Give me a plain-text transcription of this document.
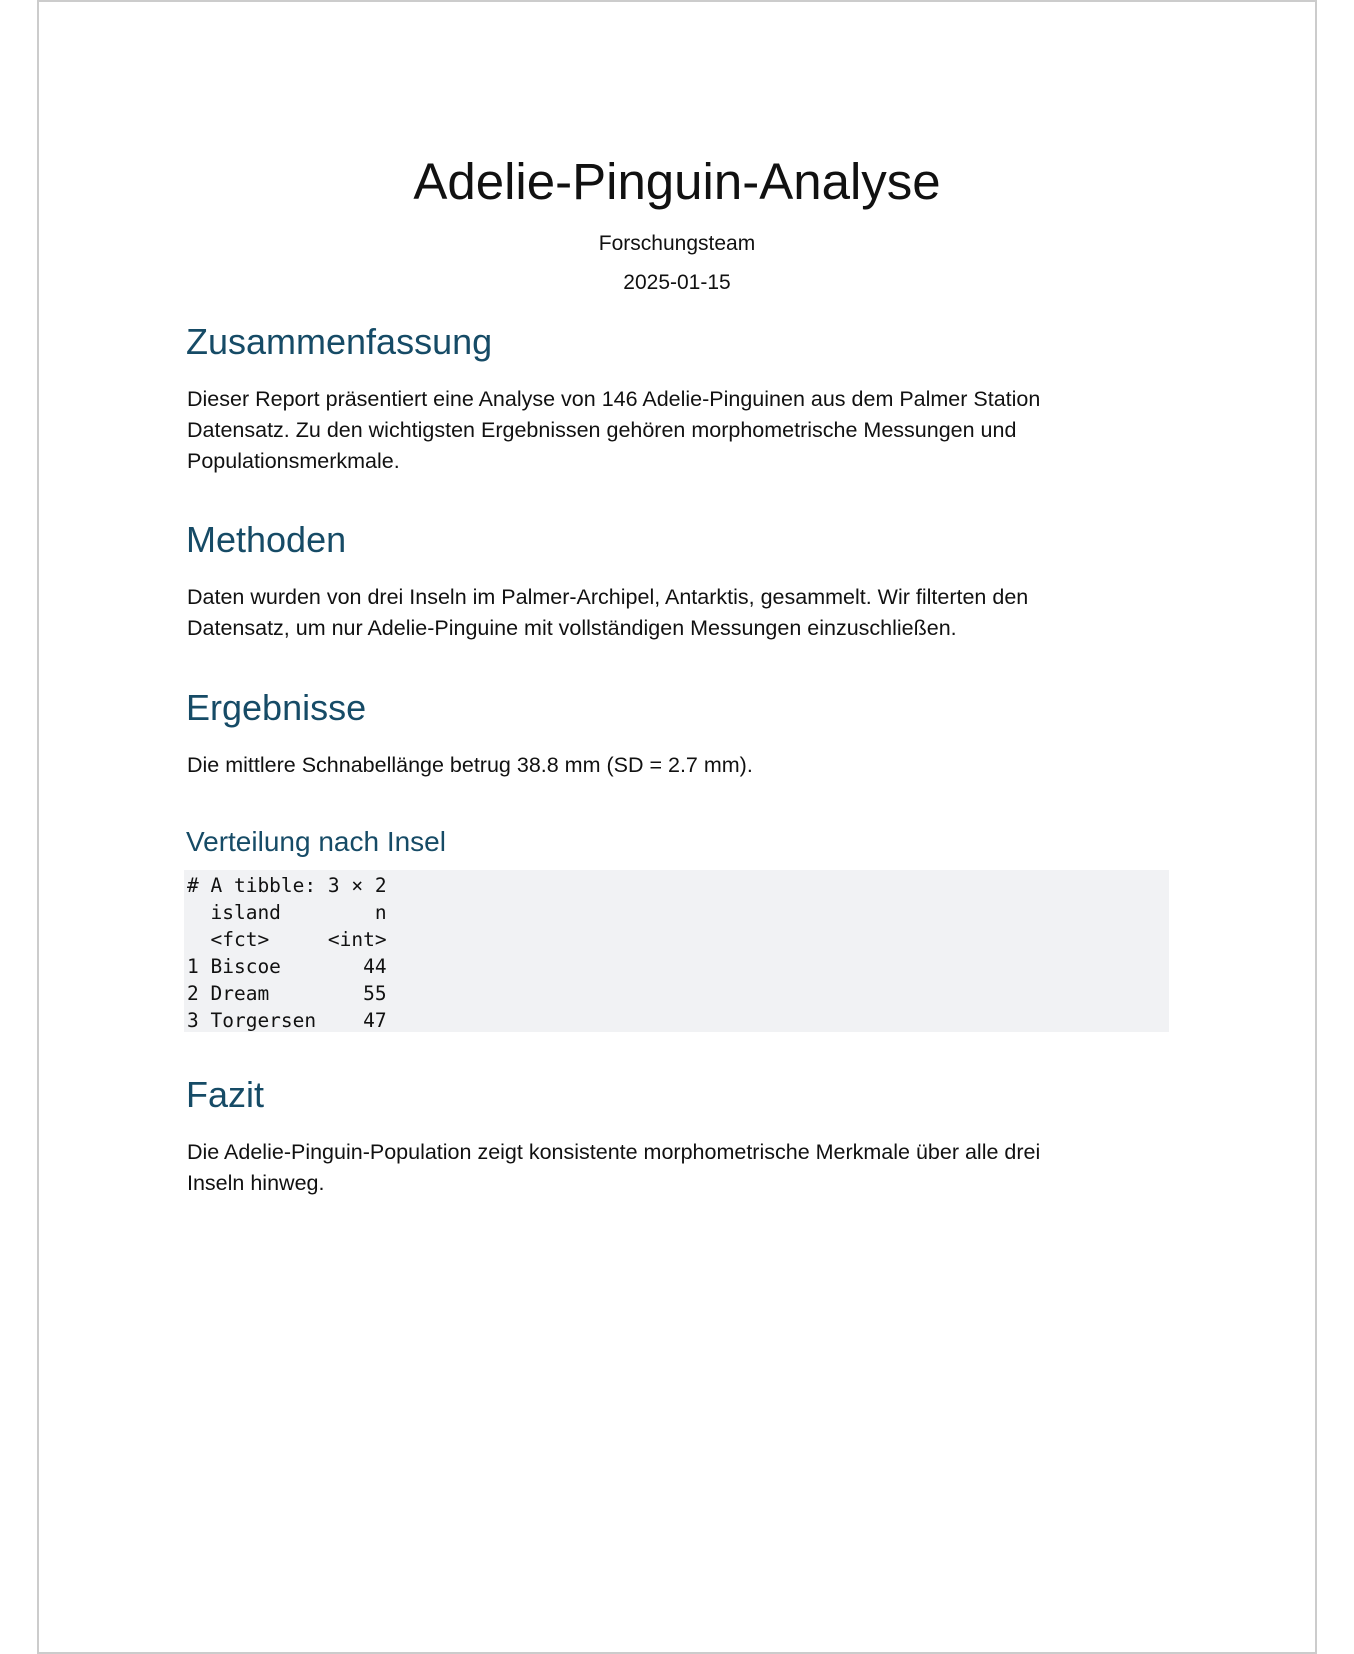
Adelie-Pinguin-Analyse
Forschungsteam
2025-01-15
Zusammenfassung
Dieser Report präsentiert eine Analyse von 146 Adelie-Pinguinen aus dem Palmer Station
Datensatz. Zu den wichtigsten Ergebnissen gehören morphometrische Messungen und
Populationsmerkmale.
Methoden
Daten wurden von drei Inseln im Palmer-Archipel, Antarktis, gesammelt. Wir filterten den
Datensatz, um nur Adelie-Pinguine mit vollständigen Messungen einzuschließen.
Ergebnisse
Die mittlere Schnabellänge betrug 38.8 mm (SD = 2.7 mm).
Verteilung nach Insel
# A tibble: 3 × 2
island        n
<fct>     <int>
1 Biscoe       44
2 Dream        55
3 Torgersen    47
Fazit
Die Adelie-Pinguin-Population zeigt konsistente morphometrische Merkmale über alle drei
Inseln hinweg.
